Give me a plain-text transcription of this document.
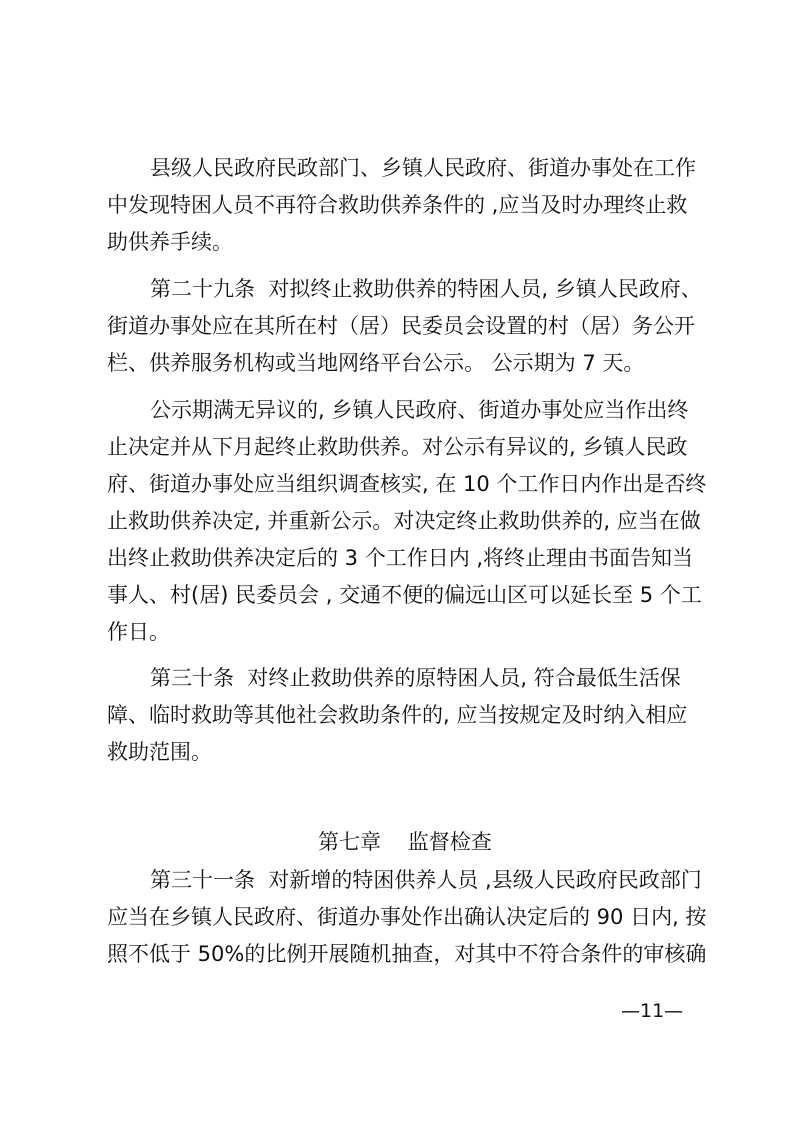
县级人民政府民政部门、乡镇人民政府、街道办事处在工作
中发现特困人员不再符合救助供养条件的 ,应当及时办理终止救
助供养手续。
第二十九条  对拟终止救助供养的特困人员, 乡镇人民政府、
街道办事处应在其所在村（居）民委员会设置的村（居）务公开
栏、供养服务机构或当地网络平台公示。 公示期为 7 天。
公示期满无异议的, 乡镇人民政府、街道办事处应当作出终
止决定并从下月起终止救助供养。对公示有异议的, 乡镇人民政
府、街道办事处应当组织调查核实, 在 10 个工作日内作出是否终
止救助供养决定, 并重新公示。对决定终止救助供养的, 应当在做
出终止救助供养决定后的 3 个工作日内 ,将终止理由书面告知当
事人、村(居) 民委员会 , 交通不便的偏远山区可以延长至 5 个工
作日。
第三十条  对终止救助供养的原特困人员, 符合最低生活保
障、临时救助等其他社会救助条件的, 应当按规定及时纳入相应
救助范围。
第七章    监督检查
第三十一条  对新增的特困供养人员 ,县级人民政府民政部门
应当在乡镇人民政府、街道办事处作出确认决定后的 90 日内, 按
照不低于 50%的比例开展随机抽查，对其中不符合条件的审核确
—11—
